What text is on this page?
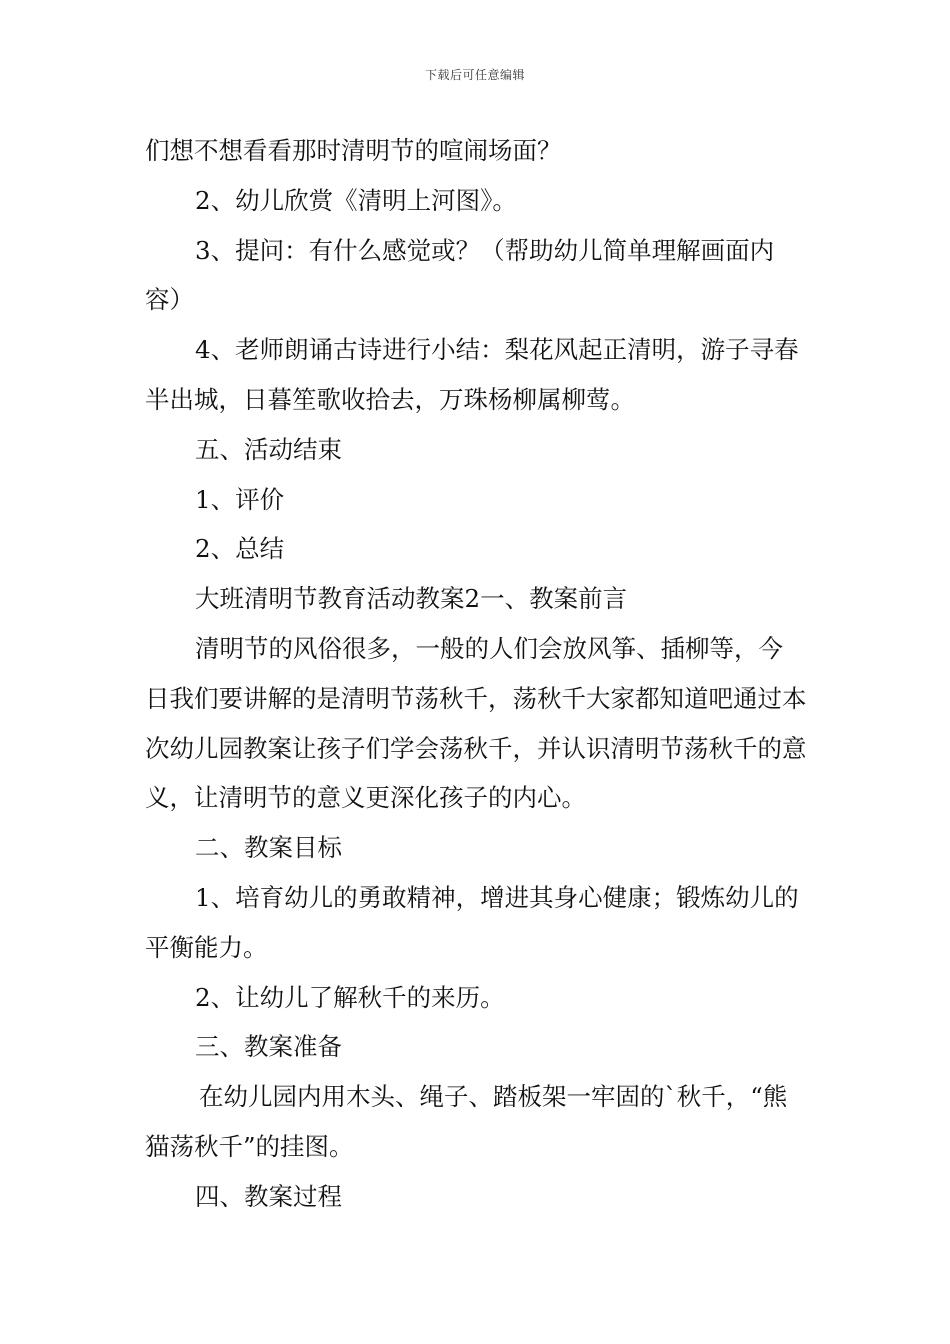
下载后可任意编辑

们想不想看看那时清明节的喧闹场面？

2、幼儿欣赏《清明上河图》。

3、提问：有什么感觉或？（帮助幼儿简单理解画面内容）

4、老师朗诵古诗进行小结：梨花风起正清明，游子寻春半出城，日暮笙歌收拾去，万珠杨柳属柳莺。

五、活动结束

1、评价

2、总结

大班清明节教育活动教案2一、教案前言

清明节的风俗很多，一般的人们会放风筝、插柳等，今日我们要讲解的是清明节荡秋千，荡秋千大家都知道吧通过本次幼儿园教案让孩子们学会荡秋千，并认识清明节荡秋千的意义，让清明节的意义更深化孩子的内心。

二、教案目标

1、培育幼儿的勇敢精神，增进其身心健康；锻炼幼儿的平衡能力。

2、让幼儿了解秋千的来历。

三、教案准备

在幼儿园内用木头、绳子、踏板架一牢固的`秋千，“熊猫荡秋千”的挂图。

四、教案过程
